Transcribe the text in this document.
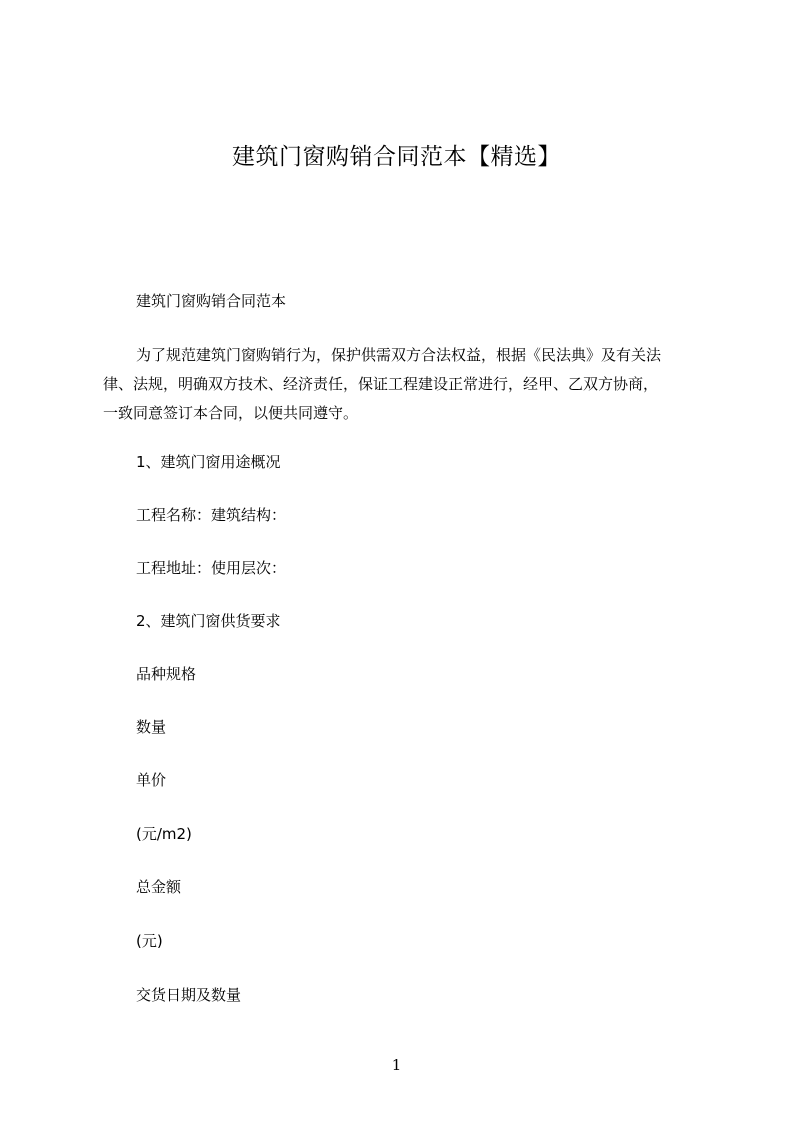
建筑门窗购销合同范本【精选】

建筑门窗购销合同范本

为了规范建筑门窗购销行为，保护供需双方合法权益，根据《民法典》及有关法
律、法规，明确双方技术、经济责任，保证工程建设正常进行，经甲、乙双方协商，
一致同意签订本合同，以便共同遵守。

1、建筑门窗用途概况

工程名称：建筑结构：

工程地址：使用层次：

2、建筑门窗供货要求

品种规格

数量

单价

(元/m2)

总金额

(元)

交货日期及数量

1
